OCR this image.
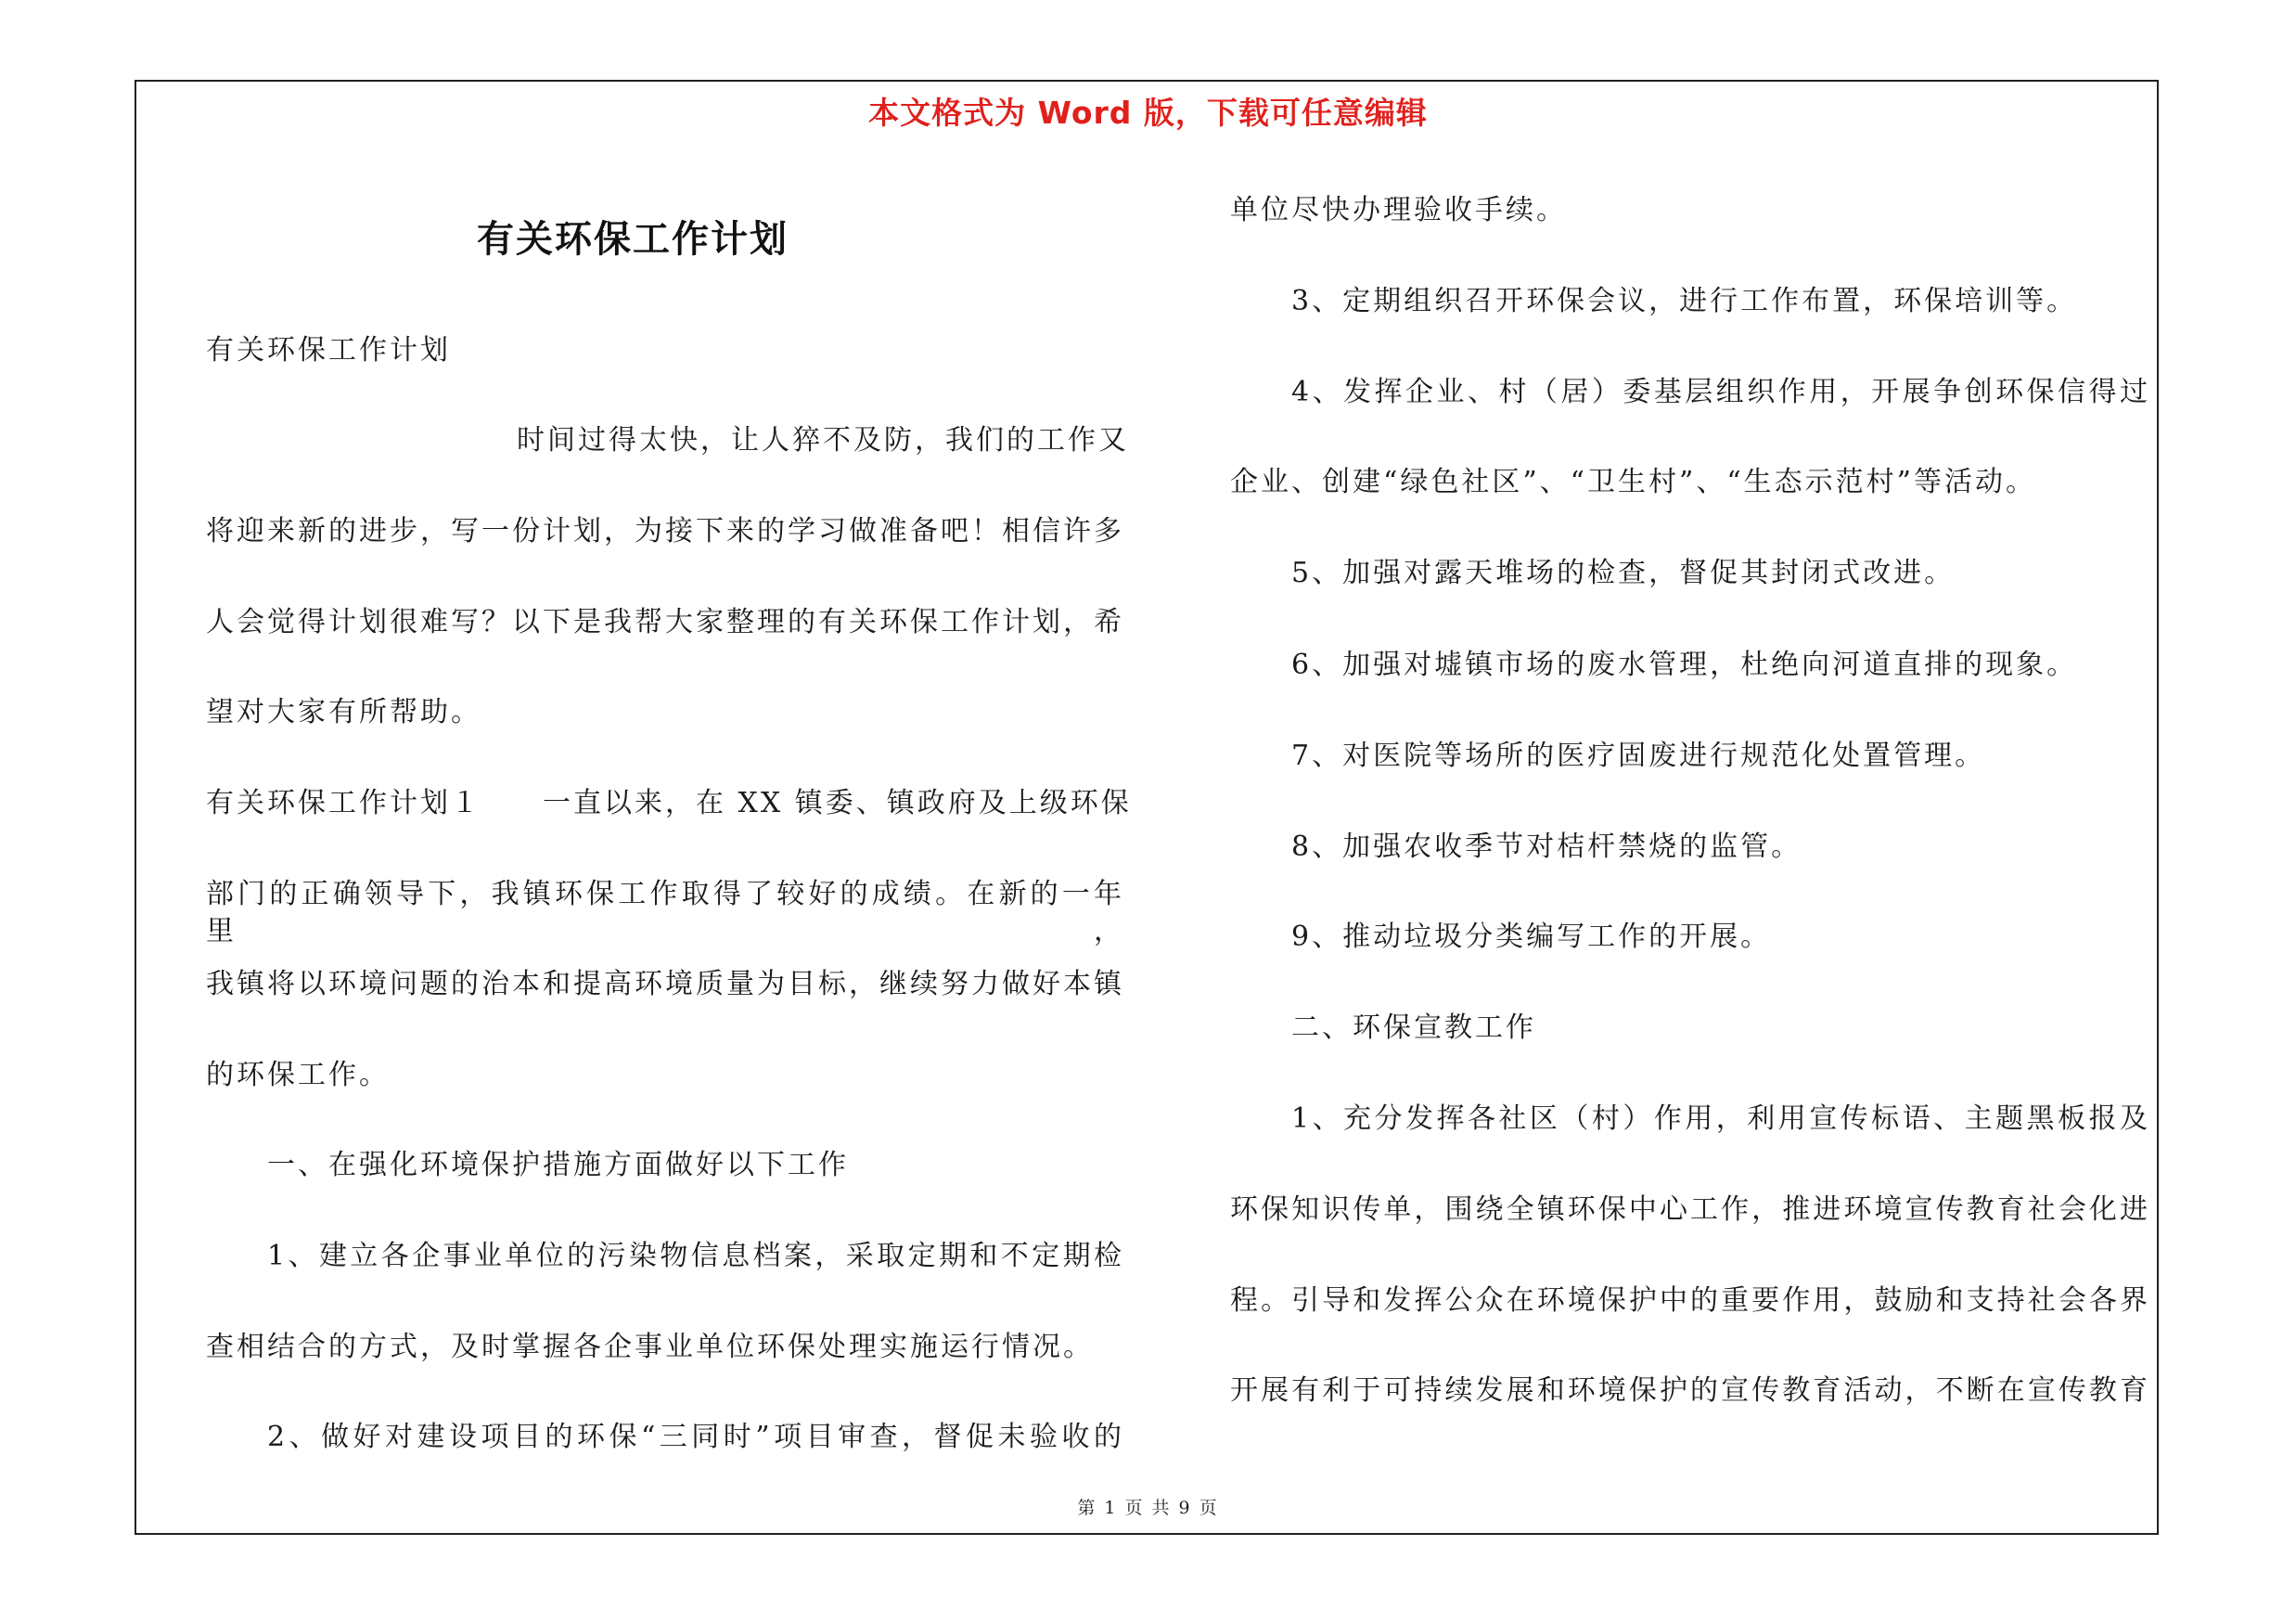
本文格式为 Word 版，下载可任意编辑
有关环保工作计划
有关环保工作计划
时间过得太快，让人猝不及防，我们的工作又
将迎来新的进步，写一份计划，为接下来的学习做准备吧！相信许多
人会觉得计划很难写？以下是我帮大家整理的有关环保工作计划，希
望对大家有所帮助。
有关环保工作计划１　　一直以来，在 XX 镇委、镇政府及上级环保
部门的正确领导下，我镇环保工作取得了较好的成绩。在新的一年里，
我镇将以环境问题的治本和提高环境质量为目标，继续努力做好本镇
的环保工作。
一、在强化环境保护措施方面做好以下工作
1、建立各企事业单位的污染物信息档案，采取定期和不定期检
查相结合的方式，及时掌握各企事业单位环保处理实施运行情况。
2、做好对建设项目的环保“三同时”项目审查，督促未验收的
单位尽快办理验收手续。
3、定期组织召开环保会议，进行工作布置，环保培训等。
4、发挥企业、村（居）委基层组织作用，开展争创环保信得过
企业、创建“绿色社区”、“卫生村”、“生态示范村”等活动。
5、加强对露天堆场的检查，督促其封闭式改进。
6、加强对墟镇市场的废水管理，杜绝向河道直排的现象。
7、对医院等场所的医疗固废进行规范化处置管理。
8、加强农收季节对桔杆禁烧的监管。
9、推动垃圾分类编写工作的开展。
二、环保宣教工作
1、充分发挥各社区（村）作用，利用宣传标语、主题黑板报及
环保知识传单，围绕全镇环保中心工作，推进环境宣传教育社会化进
程。引导和发挥公众在环境保护中的重要作用，鼓励和支持社会各界
开展有利于可持续发展和环境保护的宣传教育活动，不断在宣传教育
第 1 页 共 9 页
